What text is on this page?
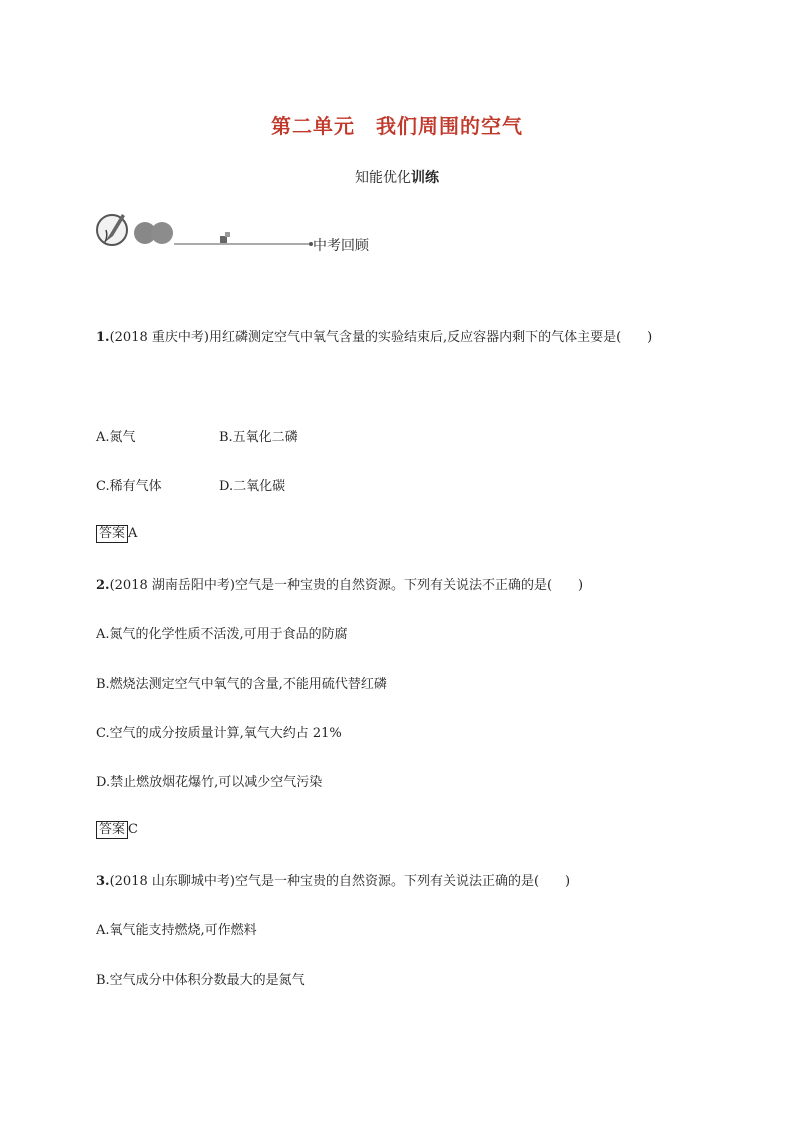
第二单元　我们周围的空气
知能优化训练
中考回顾
1.(2018 重庆中考)用红磷测定空气中氧气含量的实验结束后,反应容器内剩下的气体主要是(　　)
A.氮气	B.五氧化二磷
C.稀有气体	D.二氧化碳
答案 A
2.(2018 湖南岳阳中考)空气是一种宝贵的自然资源。下列有关说法不正确的是(　　)
A.氮气的化学性质不活泼,可用于食品的防腐
B.燃烧法测定空气中氧气的含量,不能用硫代替红磷
C.空气的成分按质量计算,氧气大约占 21%
D.禁止燃放烟花爆竹,可以减少空气污染
答案 C
3.(2018 山东聊城中考)空气是一种宝贵的自然资源。下列有关说法正确的是(　　)
A.氧气能支持燃烧,可作燃料
B.空气成分中体积分数最大的是氮气
